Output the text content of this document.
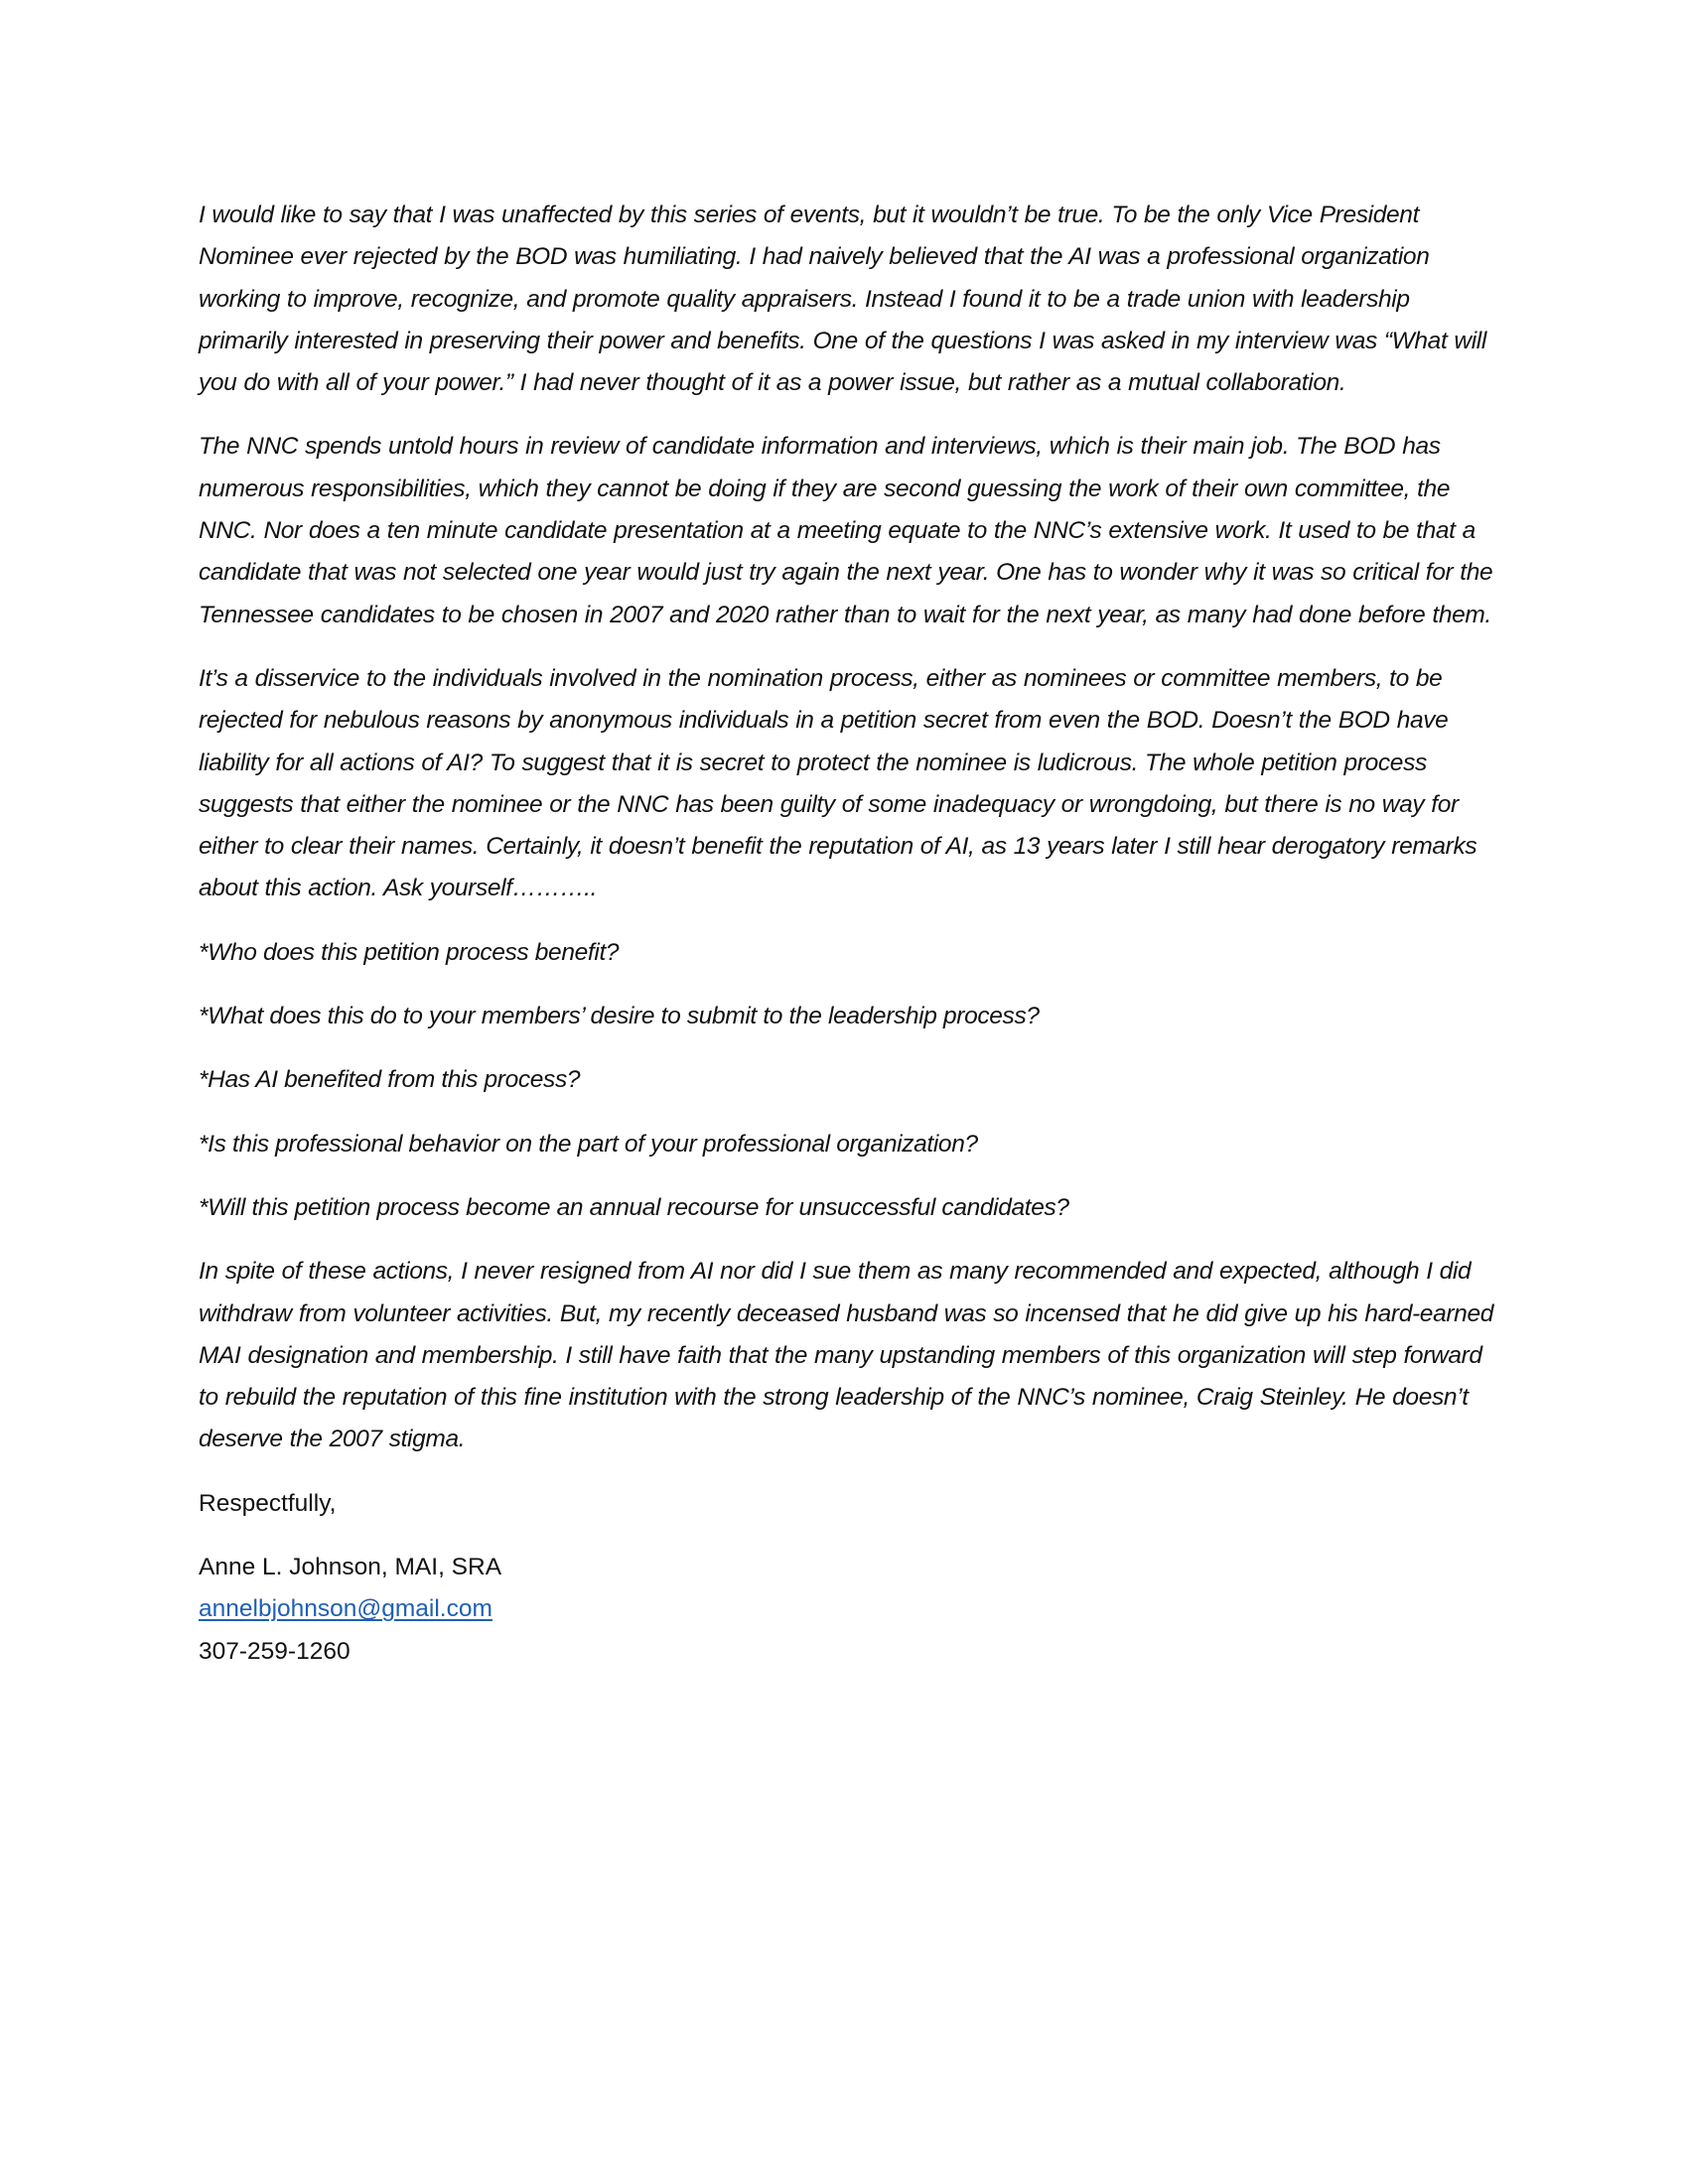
I would like to say that I was unaffected by this series of events, but it wouldn’t be true. To be the only Vice President Nominee ever rejected by the BOD was humiliating. I had naively believed that the AI was a professional organization working to improve, recognize, and promote quality appraisers. Instead I found it to be a trade union with leadership primarily interested in preserving their power and benefits. One of the questions I was asked in my interview was “What will you do with all of your power.” I had never thought of it as a power issue, but rather as a mutual collaboration.

The NNC spends untold hours in review of candidate information and interviews, which is their main job. The BOD has numerous responsibilities, which they cannot be doing if they are second guessing the work of their own committee, the NNC. Nor does a ten minute candidate presentation at a meeting equate to the NNC’s extensive work. It used to be that a candidate that was not selected one year would just try again the next year. One has to wonder why it was so critical for the Tennessee candidates to be chosen in 2007 and 2020 rather than to wait for the next year, as many had done before them.

It’s a disservice to the individuals involved in the nomination process, either as nominees or committee members, to be rejected for nebulous reasons by anonymous individuals in a petition secret from even the BOD. Doesn’t the BOD have liability for all actions of AI? To suggest that it is secret to protect the nominee is ludicrous. The whole petition process suggests that either the nominee or the NNC has been guilty of some inadequacy or wrongdoing, but there is no way for either to clear their names. Certainly, it doesn’t benefit the reputation of AI, as 13 years later I still hear derogatory remarks about this action. Ask yourself………..

*Who does this petition process benefit?

*What does this do to your members’ desire to submit to the leadership process?

*Has AI benefited from this process?

*Is this professional behavior on the part of your professional organization?

*Will this petition process become an annual recourse for unsuccessful candidates?

In spite of these actions, I never resigned from AI nor did I sue them as many recommended and expected, although I did withdraw from volunteer activities. But, my recently deceased husband was so incensed that he did give up his hard-earned MAI designation and membership. I still have faith that the many upstanding members of this organization will step forward to rebuild the reputation of this fine institution with the strong leadership of the NNC’s nominee, Craig Steinley. He doesn’t deserve the 2007 stigma.

Respectfully,

Anne L. Johnson, MAI, SRA

annelbjohnson@gmail.com

307-259-1260
